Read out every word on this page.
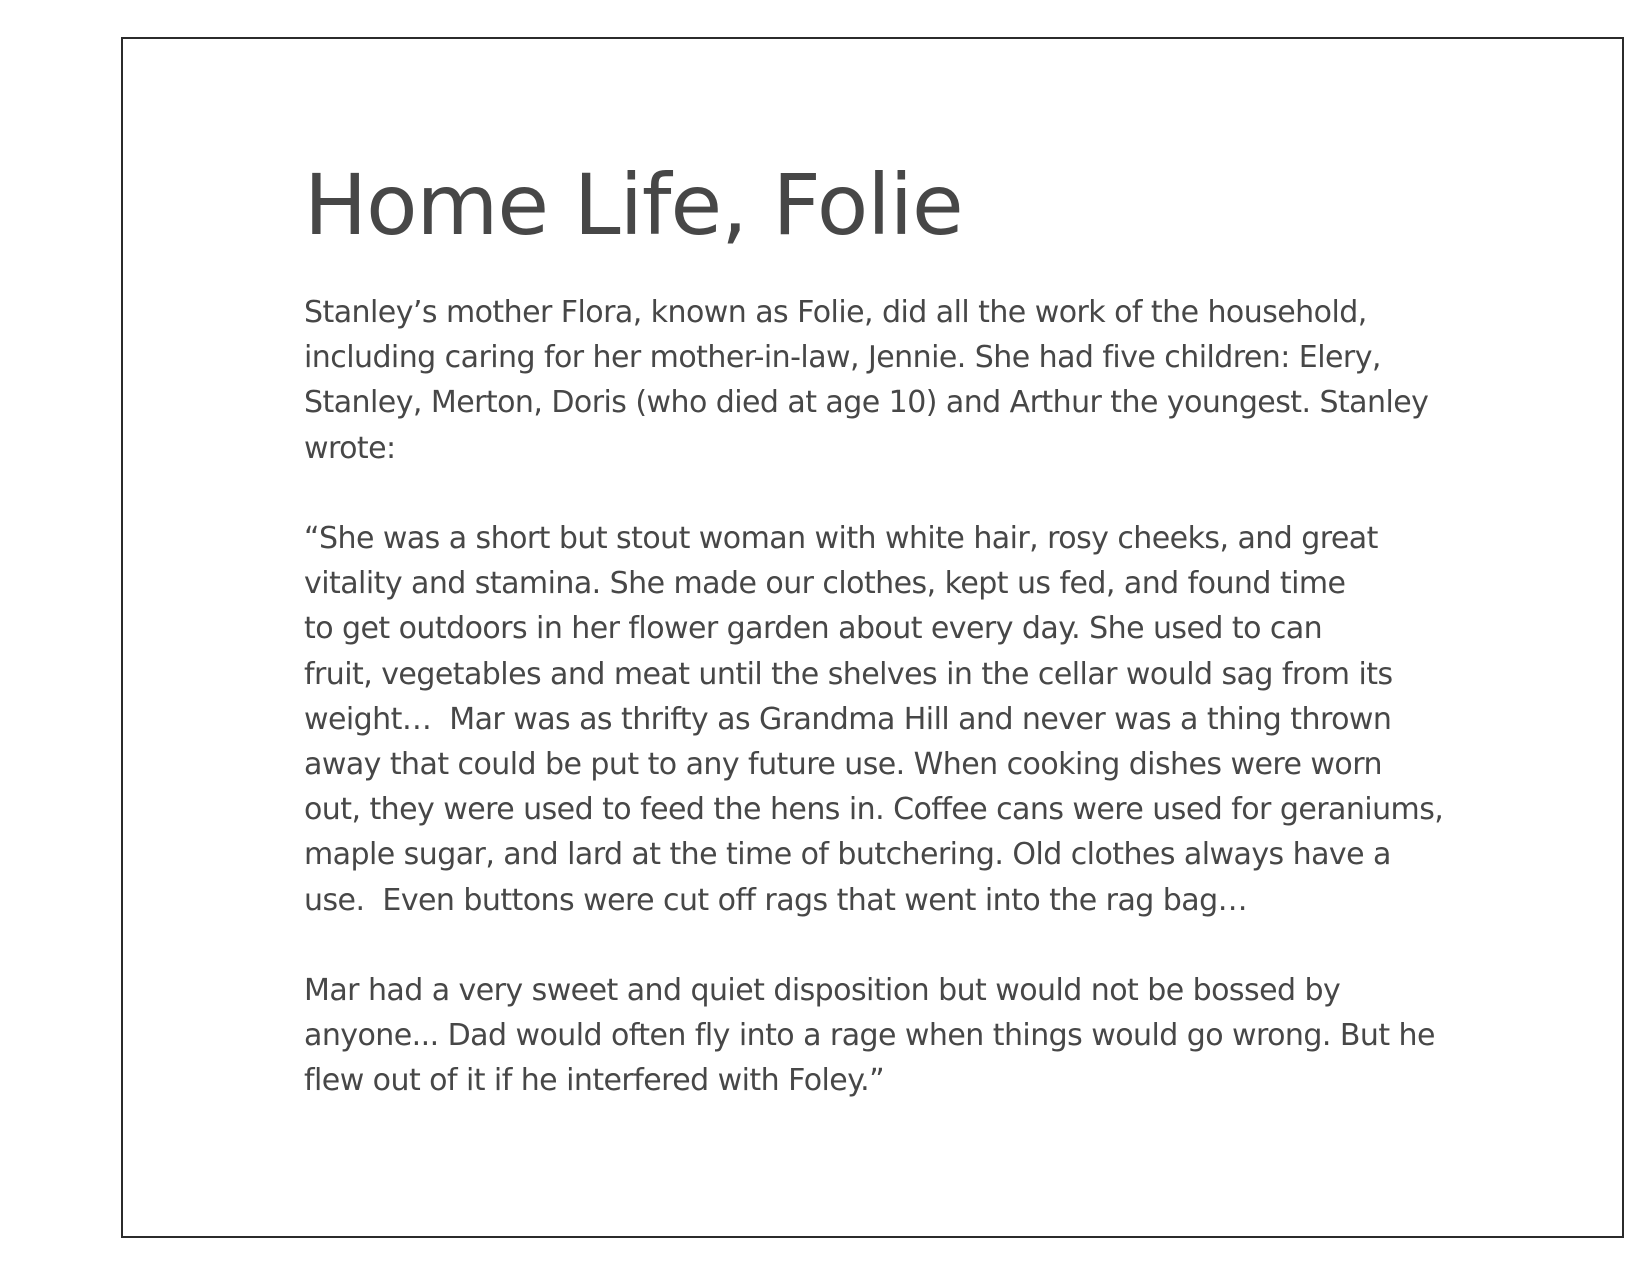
Home Life, Folie
Stanley’s mother Flora, known as Folie, did all the work of the household,
including caring for her mother-in-law, Jennie. She had five children: Elery,
Stanley, Merton, Doris (who died at age 10) and Arthur the youngest. Stanley
wrote:
“She was a short but stout woman with white hair, rosy cheeks, and great
vitality and stamina. She made our clothes, kept us fed, and found time
to get outdoors in her flower garden about every day. She used to can
fruit, vegetables and meat until the shelves in the cellar would sag from its
weight…  Mar was as thrifty as Grandma Hill and never was a thing thrown
away that could be put to any future use. When cooking dishes were worn
out, they were used to feed the hens in. Coffee cans were used for geraniums,
maple sugar, and lard at the time of butchering. Old clothes always have a
use.  Even buttons were cut off rags that went into the rag bag…
Mar had a very sweet and quiet disposition but would not be bossed by
anyone... Dad would often fly into a rage when things would go wrong. But he
flew out of it if he interfered with Foley.”
